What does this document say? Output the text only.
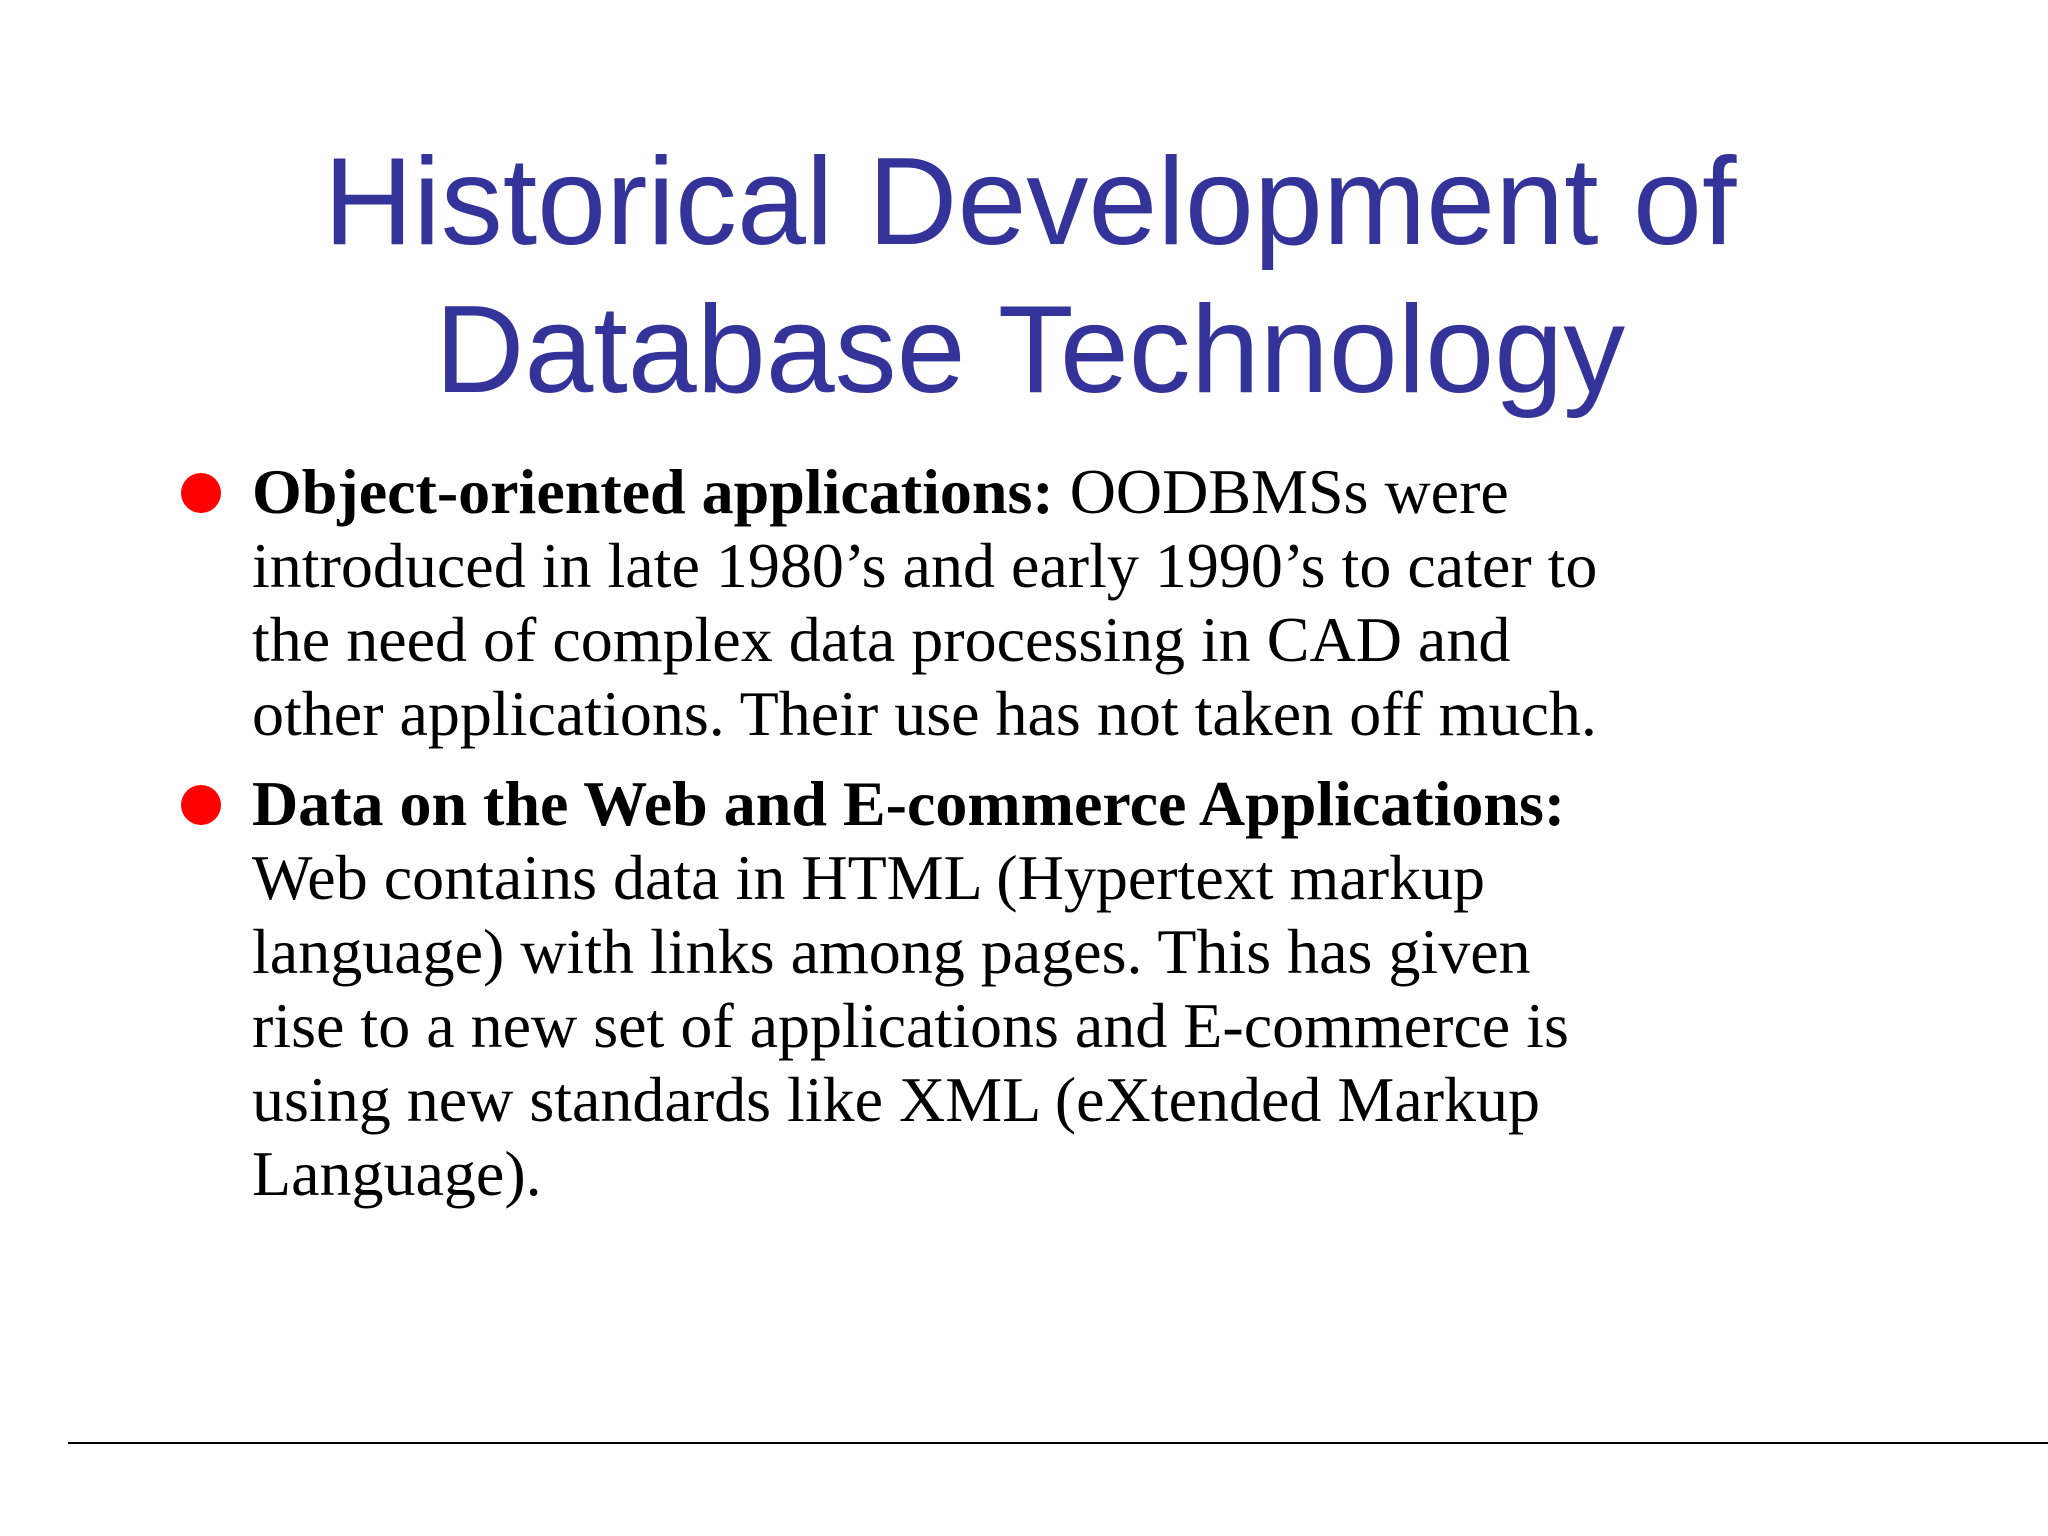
Historical Development of
Database Technology
Object-oriented applications: OODBMSs were
introduced in late 1980’s and early 1990’s to cater to
the need of complex data processing in CAD and
other applications. Their use has not taken off much.
Data on the Web and E-commerce Applications:
Web contains data in HTML (Hypertext markup
language) with links among pages. This has given
rise to a new set of applications and E-commerce is
using new standards like XML (eXtended Markup
Language).
